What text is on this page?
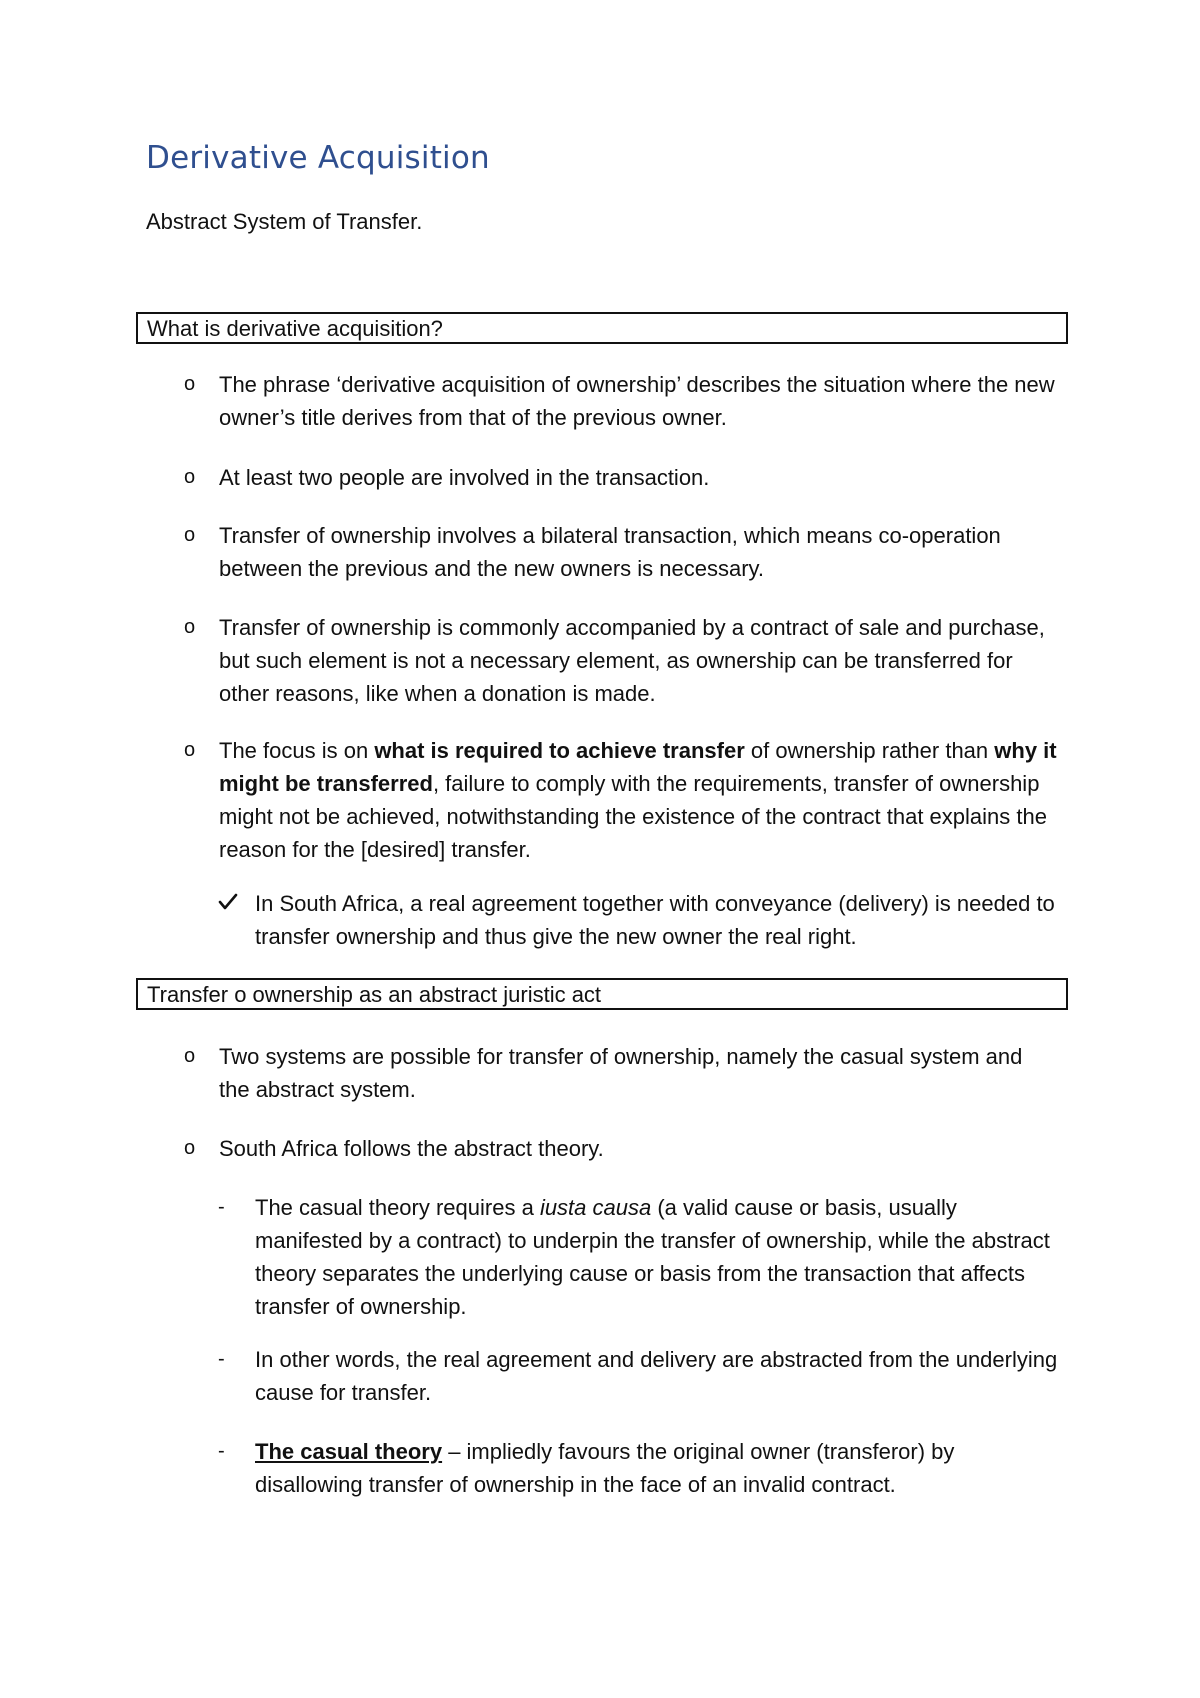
Derivative Acquisition
Abstract System of Transfer.
What is derivative acquisition?
o The phrase ‘derivative acquisition of ownership’ describes the situation where the new owner’s title derives from that of the previous owner.
o At least two people are involved in the transaction.
o Transfer of ownership involves a bilateral transaction, which means co-operation between the previous and the new owners is necessary.
o Transfer of ownership is commonly accompanied by a contract of sale and purchase, but such element is not a necessary element, as ownership can be transferred for other reasons, like when a donation is made.
o The focus is on what is required to achieve transfer of ownership rather than why it might be transferred, failure to comply with the requirements, transfer of ownership might not be achieved, notwithstanding the existence of the contract that explains the reason for the [desired] transfer.
In South Africa, a real agreement together with conveyance (delivery) is needed to transfer ownership and thus give the new owner the real right.
Transfer o ownership as an abstract juristic act
o Two systems are possible for transfer of ownership, namely the casual system and the abstract system.
o South Africa follows the abstract theory.
- The casual theory requires a iusta causa (a valid cause or basis, usually manifested by a contract) to underpin the transfer of ownership, while the abstract theory separates the underlying cause or basis from the transaction that affects transfer of ownership.
- In other words, the real agreement and delivery are abstracted from the underlying cause for transfer.
- The casual theory – impliedly favours the original owner (transferor) by disallowing transfer of ownership in the face of an invalid contract.
